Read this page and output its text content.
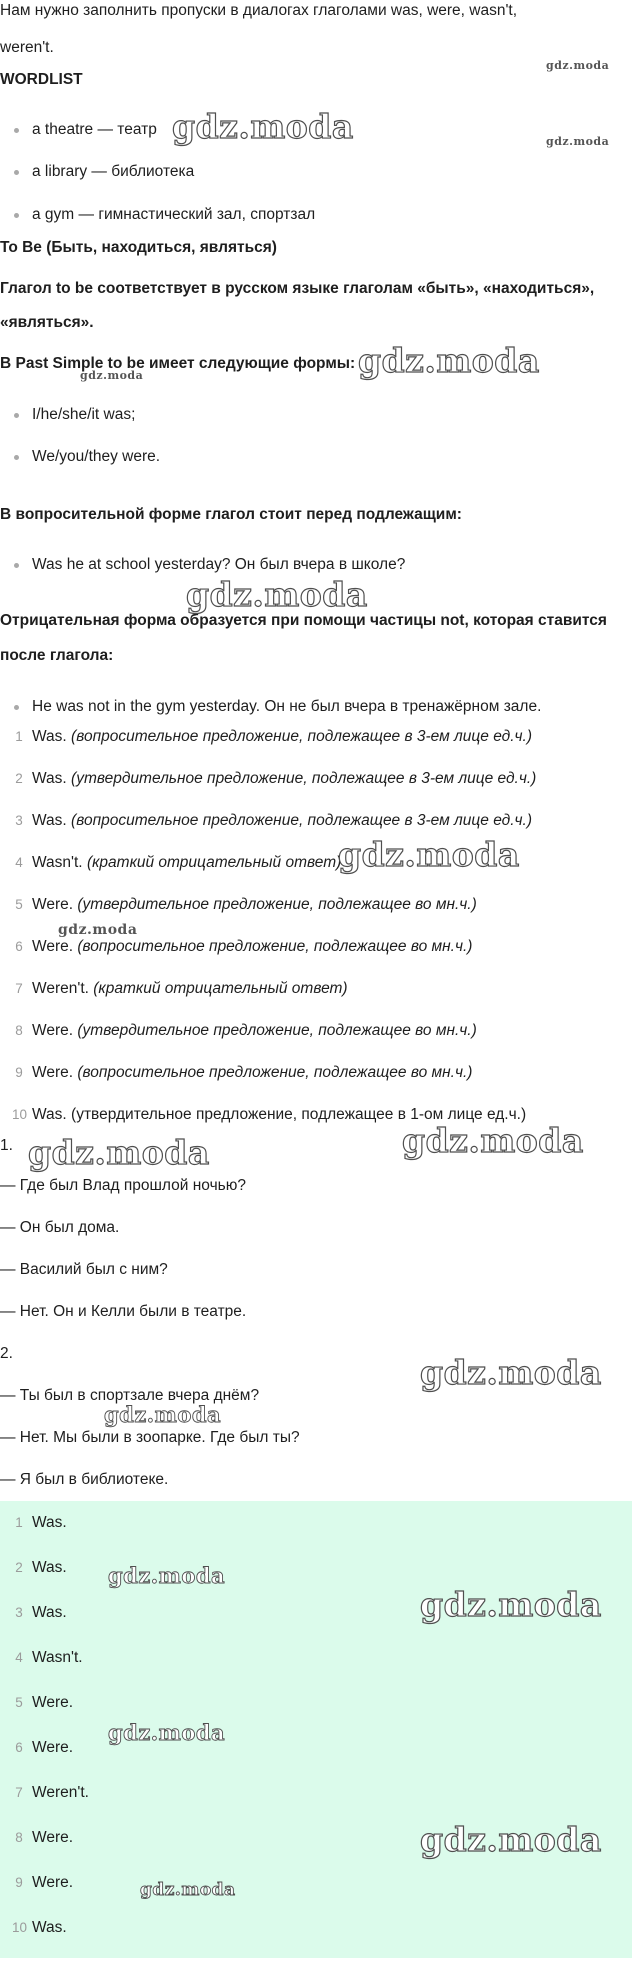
Нам нужно заполнить пропуски в диалогах глаголами was, were, wasn't,
weren't.
WORDLIST
a theatre — театр
a library — библиотека
a gym — гимнастический зал, спортзал
To Be (Быть, находиться, являться)
Глагол to be соответствует в русском языке глаголам «быть», «находиться»,
«являться».
В Past Simple to be имеет следующие формы:
I/he/she/it was;
We/you/they were.
В вопросительной форме глагол стоит перед подлежащим:
Was he at school yesterday? Он был вчера в школе?
Отрицательная форма образуется при помощи частицы not, которая ставится
после глагола:
He was not in the gym yesterday. Он не был вчера в тренажёрном зале.
1 Was. (вопросительное предложение, подлежащее в 3-ем лице ед.ч.)
2 Was. (утвердительное предложение, подлежащее в 3-ем лице ед.ч.)
3 Was. (вопросительное предложение, подлежащее в 3-ем лице ед.ч.)
4 Wasn't. (краткий отрицательный ответ)
5 Were. (утвердительное предложение, подлежащее во мн.ч.)
6 Were. (вопросительное предложение, подлежащее во мн.ч.)
7 Weren't. (краткий отрицательный ответ)
8 Were. (утвердительное предложение, подлежащее во мн.ч.)
9 Were. (вопросительное предложение, подлежащее во мн.ч.)
10 Was. (утвердительное предложение, подлежащее в 1-ом лице ед.ч.)
1.
— Где был Влад прошлой ночью?
— Он был дома.
— Василий был с ним?
— Нет. Он и Келли были в театре.
2.
— Ты был в спортзале вчера днём?
— Нет. Мы были в зоопарке. Где был ты?
— Я был в библиотеке.
1 Was.
2 Was.
3 Was.
4 Wasn't.
5 Were.
6 Were.
7 Weren't.
8 Were.
9 Were.
10 Was.
gdz.moda
gdz.moda
gdz.moda
gdz.moda
gdz.moda
gdz.moda
gdz.moda
gdz.moda
gdz.moda	gdz.moda
gdz.moda
gdz.moda
gdz.moda
gdz.moda
gdz.moda
gdz.moda
gdz.moda
